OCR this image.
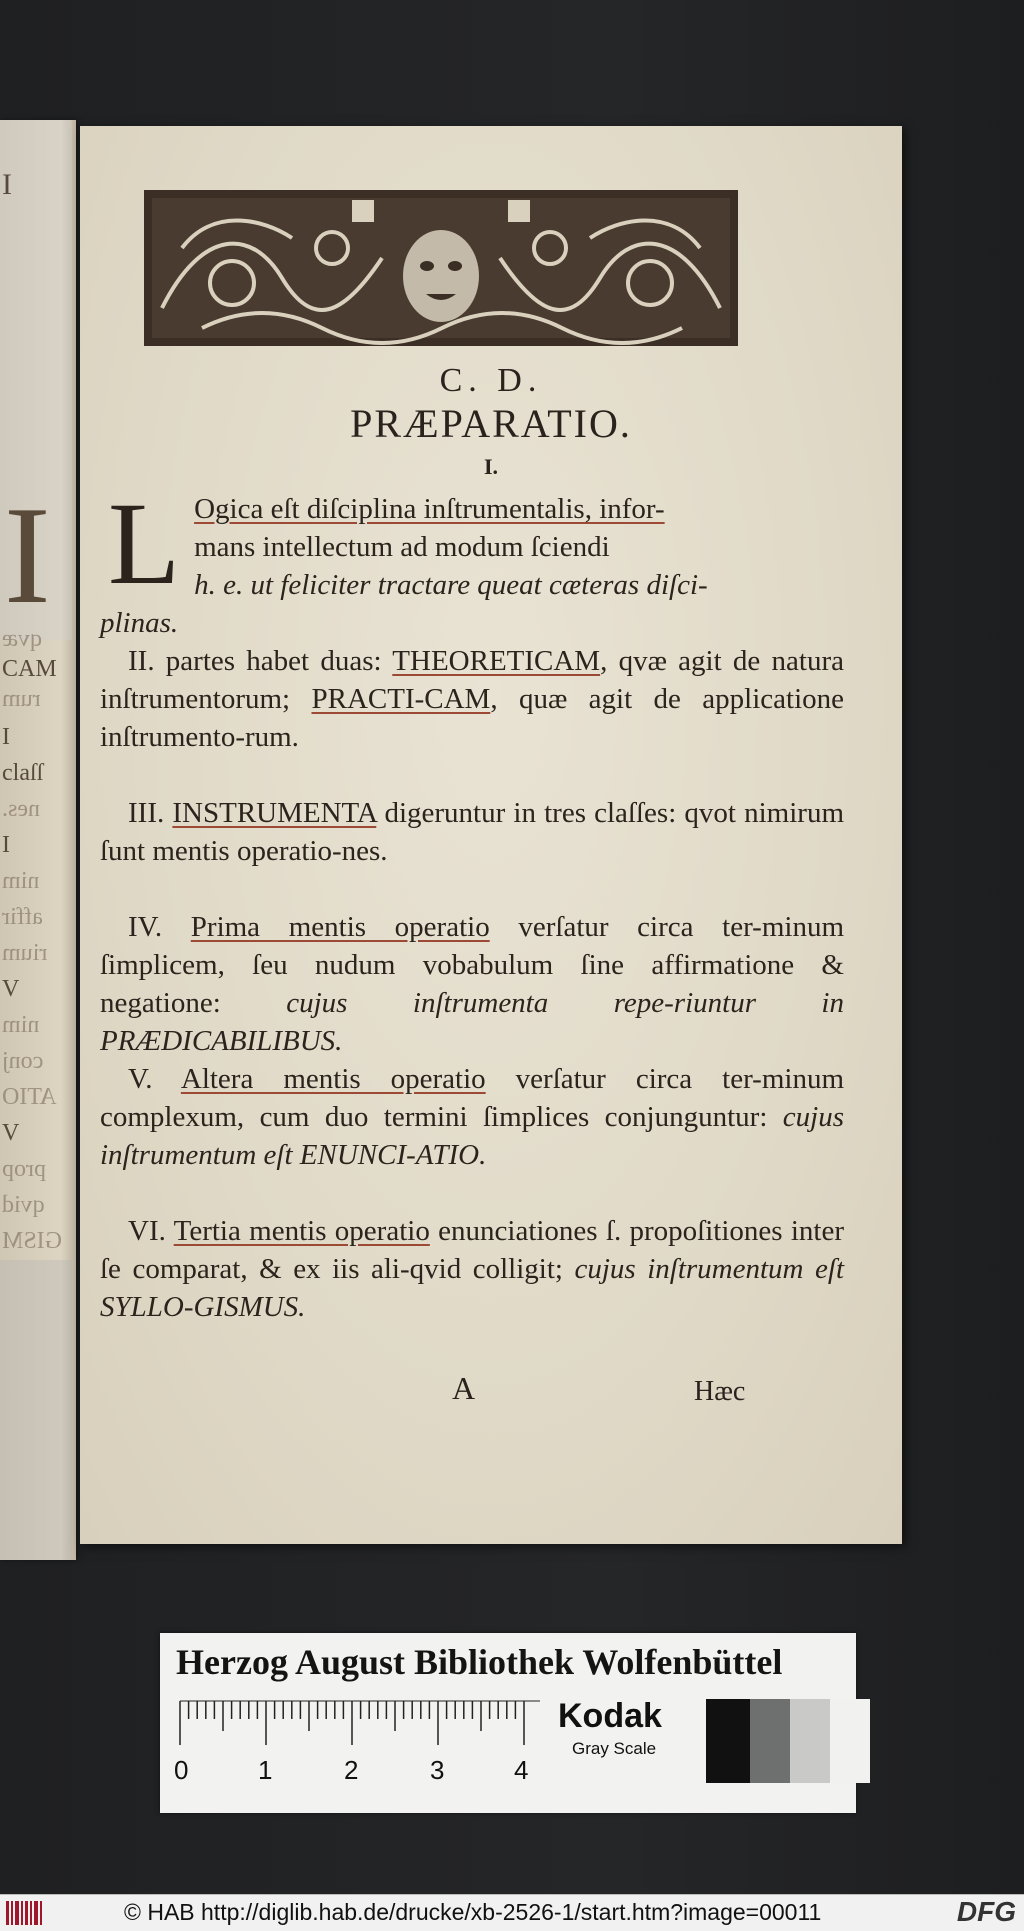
I
I
qvæ
CAM
rum
I
claſſ
nes.
I
nim
affir
rium
V
nim
conj
ATIO
V
prop
qvid
GISM
C. D.
PRÆPARATIO.
I.
L Ogica eſt diſciplina inſtrumentalis, infor-
mans intellectum ad modum ſciendi
h. e. ut feliciter tractare queat cæteras diſci-
plinas.
II. partes habet duas: THEORETICAM, qvæ agit de natura inſtrumentorum; PRACTI-CAM, quæ agit de applicatione inſtrumento-rum.
III. INSTRUMENTA digeruntur in tres claſſes: qvot nimirum ſunt mentis operatio-nes.
IV. Prima mentis operatio verſatur circa ter-minum ſimplicem, ſeu nudum vobabulum ſine affirmatione & negatione: cujus inſtrumenta repe-riuntur in PRÆDICABILIBUS.
V. Altera mentis operatio verſatur circa ter-minum complexum, cum duo termini ſimplices conjunguntur: cujus inſtrumentum eſt ENUNCI-ATIO.
VI. Tertia mentis operatio enunciationes ſ. propoſitiones inter ſe comparat, & ex iis ali-qvid colligit; cujus inſtrumentum eſt SYLLO-GISMUS.
A	Hæc
Herzog August Bibliothek Wolfenbüttel
0	1	2	3	4
Kodak
Gray Scale
© HAB http://diglib.hab.de/drucke/xb-2526-1/start.htm?image=00011	DFG
